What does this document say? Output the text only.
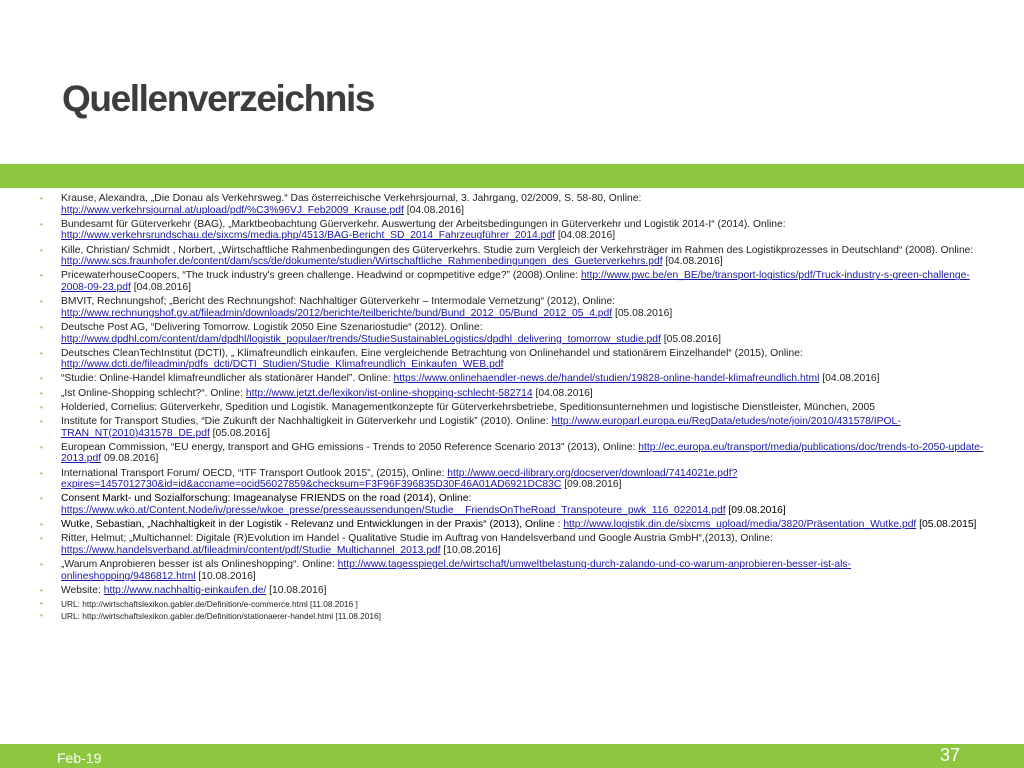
Quellenverzeichnis
• Krause, Alexandra, „Die Donau als Verkehrsweg.“ Das österreichische Verkehrsjournal, 3. Jahrgang, 02/2009, S. 58-80, Online: http://www.verkehrsjournal.at/upload/pdf/%C3%96VJ_Feb2009_Krause.pdf [04.08.2016]
• Bundesamt für Güterverkehr (BAG), „Marktbeobachtung Güerverkehr. Auswertung der Arbeitsbedingungen in Güterverkehr und Logistik 2014-I“ (2014). Online: http://www.verkehrsrundschau.de/sixcms/media.php/4513/BAG-Bericht_SD_2014_Fahrzeugführer_2014.pdf [04.08.2016]
• Kille, Christian/ Schmidt , Norbert, „Wirtschaftliche Rahmenbedingungen des Güterverkehrs. Studie zum Vergleich der Verkehrsträger im Rahmen des Logistikprozesses in Deutschland“ (2008). Online: http://www.scs.fraunhofer.de/content/dam/scs/de/dokumente/studien/Wirtschaftliche_Rahmenbedingungen_des_Gueterverkehrs.pdf [04.08.2016]
• PricewaterhouseCoopers, “The truck industry's green challenge. Headwind or copmpetitive edge?” (2008).Online: http://www.pwc.be/en_BE/be/transport-logistics/pdf/Truck-industry-s-green-challenge-2008-09-23.pdf [04.08.2016]
• BMVIT, Rechnungshof; „Bericht des Rechnungshof: Nachhaltiger Güterverkehr – Intermodale Vernetzung“ (2012), Online: http://www.rechnungshof.gv.at/fileadmin/downloads/2012/berichte/teilberichte/bund/Bund_2012_05/Bund_2012_05_4.pdf [05.08.2016]
• Deutsche Post AG, “Delivering Tomorrow. Logistik 2050 Eine Szenariostudie“ (2012). Online: http://www.dpdhl.com/content/dam/dpdhl/logistik_populaer/trends/StudieSustainableLogistics/dpdhl_delivering_tomorrow_studie.pdf [05.08.2016]
• Deutsches CleanTechInstitut (DCTI), „ Klimafreundlich einkaufen. Eine vergleichende Betrachtung von Onlinehandel und stationärem Einzelhandel“ (2015), Online: http://www.dcti.de/fileadmin/pdfs_dcti/DCTI_Studien/Studie_Klimafreundlich_Einkaufen_WEB.pdf
• “Studie: Online-Handel klimafreundlicher als stationärer Handel”. Online: https://www.onlinehaendler-news.de/handel/studien/19828-online-handel-klimafreundlich.html [04.08.2016]
• „Ist Online-Shopping schlecht?“. Online: http://www.jetzt.de/lexikon/ist-online-shopping-schlecht-582714 [04.08.2016]
• Holderied, Cornelius: Güterverkehr, Spedition und Logistik. Managementkonzepte für Güterverkehrsbetriebe, Speditionsunternehmen und logistische Dienstleister, München, 2005
• Institute for Transport Studies, “Die Zukunft der Nachhaltigkeit in Güterverkehr und Logistik” (2010). Online: http://www.europarl.europa.eu/RegData/etudes/note/join/2010/431578/IPOL-TRAN_NT(2010)431578_DE.pdf [05.08.2016]
• European Commission, “EU energy, transport and GHG emissions - Trends to 2050 Reference Scenario 2013” (2013), Online: http://ec.europa.eu/transport/media/publications/doc/trends-to-2050-update-2013.pdf 09.08.2016]
• International Transport Forum/ OECD, “ITF Transport Outlook 2015”, (2015), Online: http://www.oecd-ilibrary.org/docserver/download/7414021e.pdf?expires=1457012730&id=id&accname=ocid56027859&checksum=F3F96F396835D30F46A01AD6921DC83C [09.08.2016]
• Consent Markt- und Sozialforschung: Imageanalyse FRIENDS on the road (2014), Online: https://www.wko.at/Content.Node/iv/presse/wkoe_presse/presseaussendungen/Studie__FriendsOnTheRoad_Transpoteure_pwk_116_022014.pdf [09.08.2016]
• Wutke, Sebastian, „Nachhaltigkeit in der Logistik - Relevanz und Entwicklungen in der Praxis“ (2013), Online : http://www.logistik.din.de/sixcms_upload/media/3820/Präsentation_Wutke.pdf [05.08.2015]
• Ritter, Helmut; „Multichannel: Digitale (R)Evolution im Handel - Qualitative Studie im Auftrag von Handelsverband und Google Austria GmbH“,(2013), Online: https://www.handelsverband.at/fileadmin/content/pdf/Studie_Multichannel_2013.pdf [10.08.2016]
• „Warum Anprobieren besser ist als Onlineshopping“. Online: http://www.tagesspiegel.de/wirtschaft/umweltbelastung-durch-zalando-und-co-warum-anprobieren-besser-ist-als-onlineshopping/9486812.html [10.08.2016]
• Website: http://www.nachhaltig-einkaufen.de/ [10.08.2016]
• URL: http://wirtschaftslexikon.gabler.de/Definition/e-commerce.html [11.08.2016 ]
• URL: http://wirtschaftslexikon.gabler.de/Definition/stationaerer-handel.html [11.08.2016]
Feb-19	37
